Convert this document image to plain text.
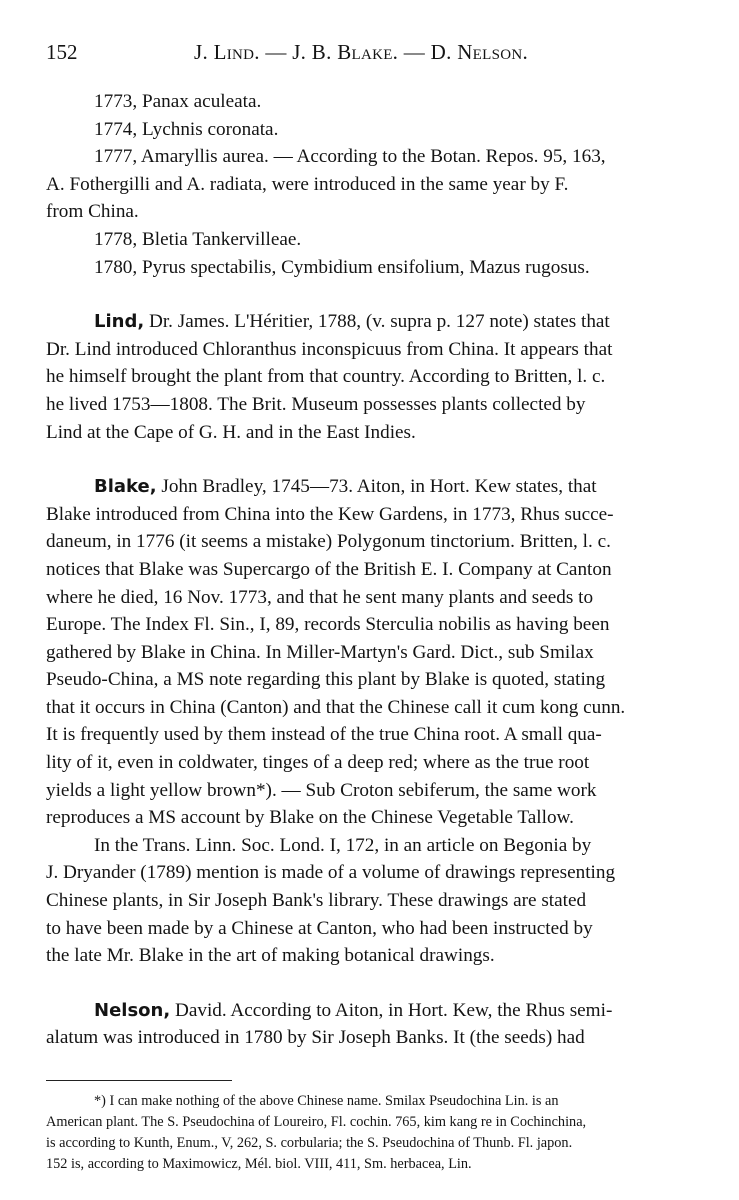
152	J. Lind. — J. B. Blake. — D. Nelson.
1773, Panax aculeata.
1774, Lychnis coronata.
1777, Amaryllis aurea. — According to the Botan. Repos. 95, 163,
A. Fothergilli and A. radiata, were introduced in the same year by F.
from China.
1778, Bletia Tankervilleae.
1780, Pyrus spectabilis, Cymbidium ensifolium, Mazus rugosus.
Lind, Dr. James. L'Héritier, 1788, (v. supra p. 127 note) states that
Dr. Lind introduced Chloranthus inconspicuus from China. It appears that
he himself brought the plant from that country. According to Britten, l. c.
he lived 1753—1808. The Brit. Museum possesses plants collected by
Lind at the Cape of G. H. and in the East Indies.
Blake, John Bradley, 1745—73. Aiton, in Hort. Kew states, that
Blake introduced from China into the Kew Gardens, in 1773, Rhus succe-
daneum, in 1776 (it seems a mistake) Polygonum tinctorium. Britten, l. c.
notices that Blake was Supercargo of the British E. I. Company at Canton
where he died, 16 Nov. 1773, and that he sent many plants and seeds to
Europe. The Index Fl. Sin., I, 89, records Sterculia nobilis as having been
gathered by Blake in China. In Miller-Martyn's Gard. Dict., sub Smilax
Pseudo-China, a MS note regarding this plant by Blake is quoted, stating
that it occurs in China (Canton) and that the Chinese call it cum kong cunn.
It is frequently used by them instead of the true China root. A small qua-
lity of it, even in coldwater, tinges of a deep red; where as the true root
yields a light yellow brown*). — Sub Croton sebiferum, the same work
reproduces a MS account by Blake on the Chinese Vegetable Tallow.
In the Trans. Linn. Soc. Lond. I, 172, in an article on Begonia by
J. Dryander (1789) mention is made of a volume of drawings representing
Chinese plants, in Sir Joseph Bank's library. These drawings are stated
to have been made by a Chinese at Canton, who had been instructed by
the late Mr. Blake in the art of making botanical drawings.
Nelson, David. According to Aiton, in Hort. Kew, the Rhus semi-
alatum was introduced in 1780 by Sir Joseph Banks. It (the seeds) had
*) I can make nothing of the above Chinese name. Smilax Pseudochina Lin. is an
American plant. The S. Pseudochina of Loureiro, Fl. cochin. 765, kim kang re in Cochinchina,
is according to Kunth, Enum., V, 262, S. corbularia; the S. Pseudochina of Thunb. Fl. japon.
152 is, according to Maximowicz, Mél. biol. VIII, 411, Sm. herbacea, Lin.
